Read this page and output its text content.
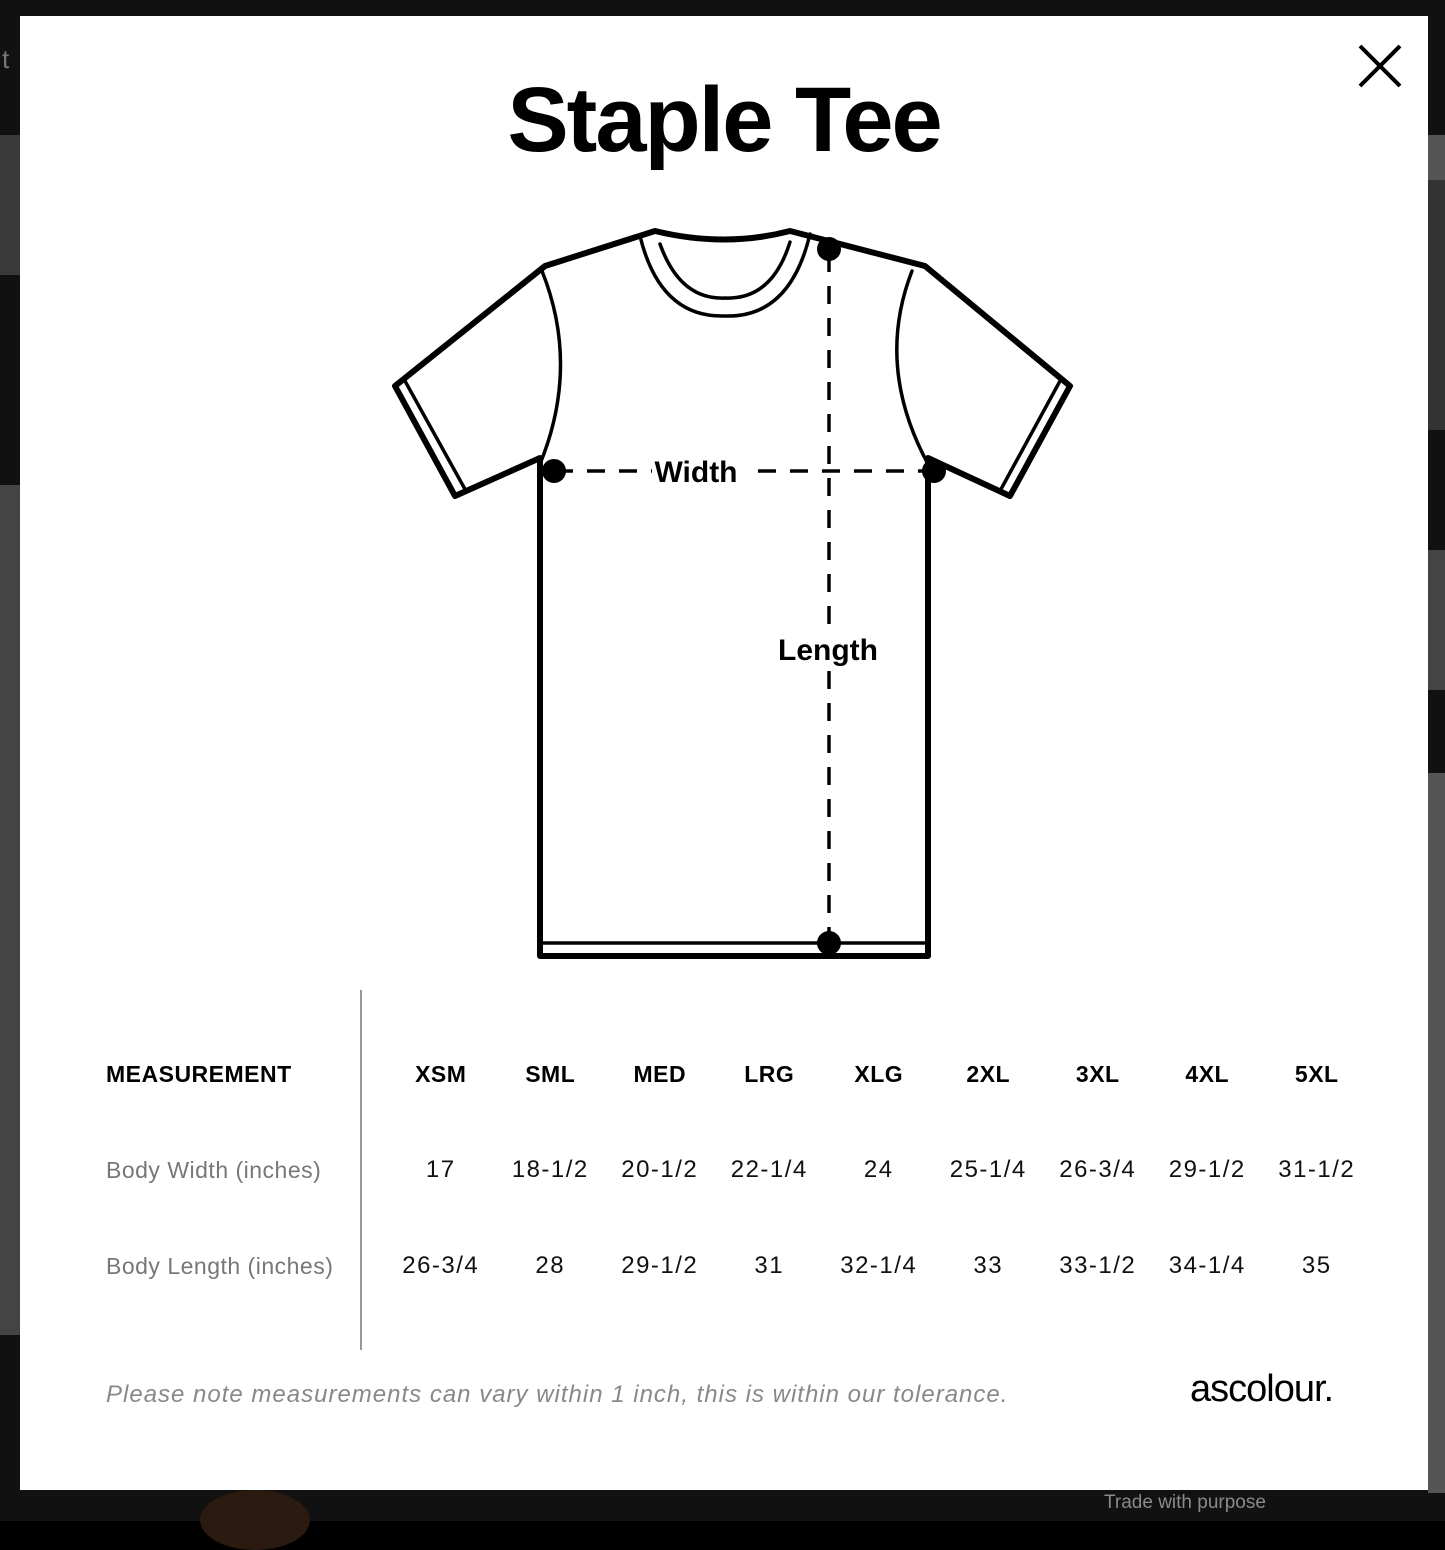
t
Trade with purpose
Staple Tee
Width
Length
MEASUREMENT	XSM	SML	MED	LRG	XLG	2XL	3XL	4XL	5XL
Body Width (inches)	17	18-1/2	20-1/2	22-1/4	24	25-1/4	26-3/4	29-1/2	31-1/2
Body Length (inches)	26-3/4	28	29-1/2	31	32-1/4	33	33-1/2	34-1/4	35
Please note measurements can vary within 1 inch, this is within our tolerance.	ascolour.
